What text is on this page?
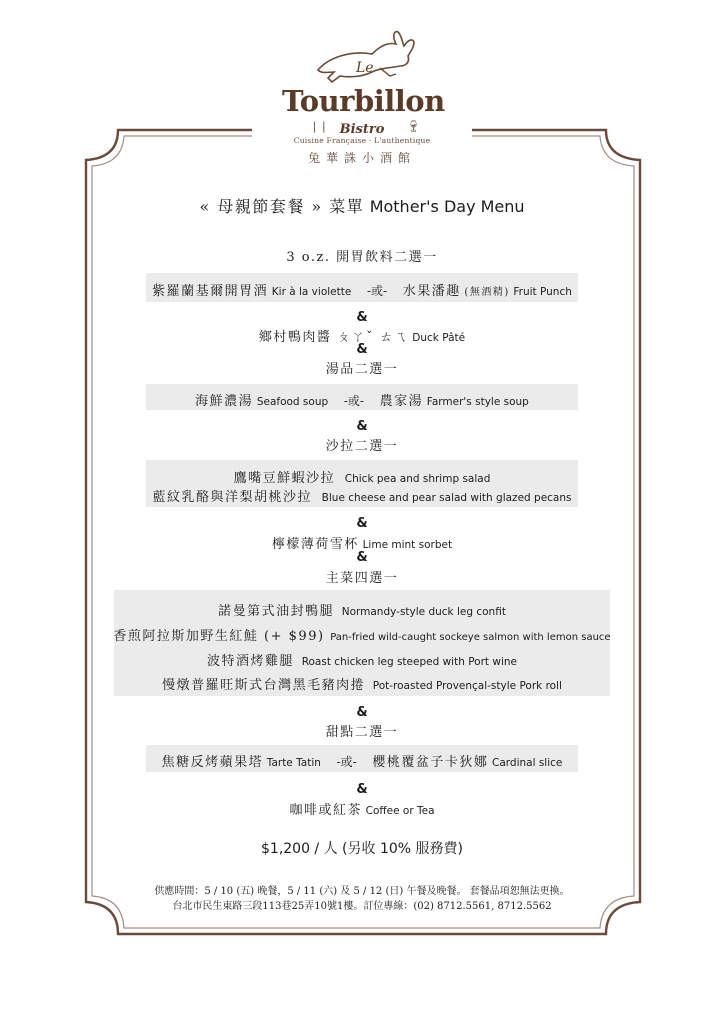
Le
Tourbillon
❘❘ Bistro 🍷︎
Cuisine Française · L'authentique
兔華誅小酒館
« 母親節套餐 » 菜單 Mother's Day Menu
3 o.z. 開胃飲料二選一
紫羅蘭基爾開胃酒 Kir à la violette -或- 水果潘趣 (無酒精) Fruit Punch
&
鄉村鴨肉醬 ㄆㄚˇ ㄊㄟ Duck Pâté
&
湯品二選一
海鮮濃湯 Seafood soup -或- 農家湯 Farmer's style soup
&
沙拉二選一
鷹嘴豆鮮蝦沙拉 Chick pea and shrimp salad
藍紋乳酪與洋梨胡桃沙拉 Blue cheese and pear salad with glazed pecans
&
檸檬薄荷雪杯 Lime mint sorbet
&
主菜四選一
諾曼第式油封鴨腿 Normandy-style duck leg confit
香煎阿拉斯加野生紅鮭 (+ $99) Pan-fried wild-caught sockeye salmon with lemon sauce
波特酒烤雞腿 Roast chicken leg steeped with Port wine
慢燉普羅旺斯式台灣黑毛豬肉捲 Pot-roasted Provençal-style Pork roll
&
甜點二選一
焦糖反烤蘋果塔 Tarte Tatin -或- 櫻桃覆盆子卡狄娜 Cardinal slice
&
咖啡或紅茶 Coffee or Tea
$1,200 / 人 (另收 10% 服務費)
供應時間：5 / 10 (五) 晚餐，5 / 11 (六) 及 5 / 12 (日) 午餐及晚餐。 套餐品項恕無法更換。
台北市民生東路三段113巷25弄10號1樓。訂位專線：(02) 8712.5561, 8712.5562
